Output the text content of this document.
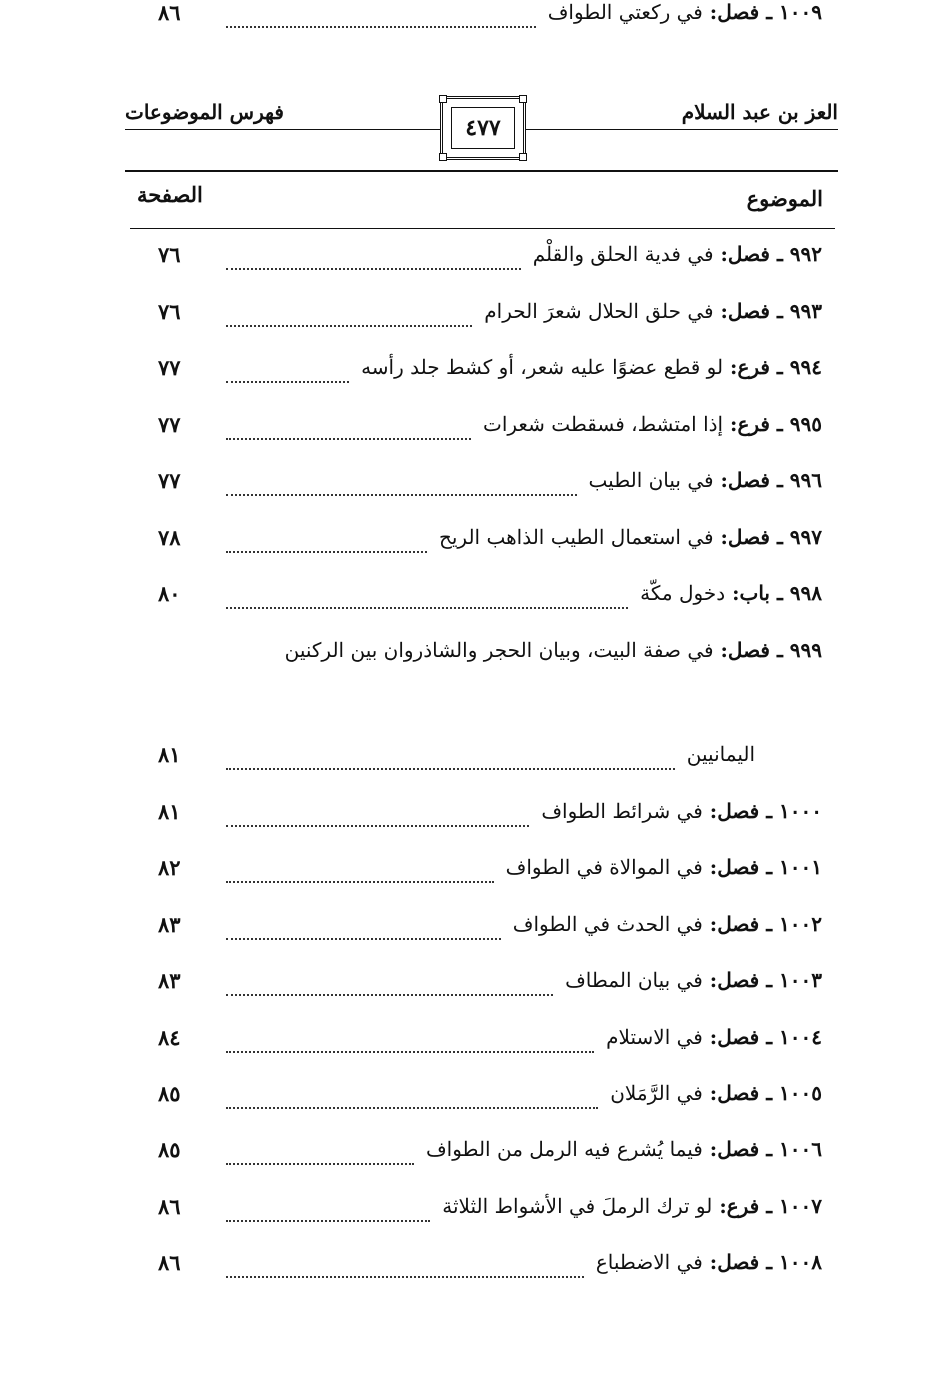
العز بن عبد السلام
فهرس الموضوعات
٤٧٧
الموضوع
الصفحة
٩٩٢ ـ فصل: في فدية الحلق والقلْم
٧٦
٩٩٣ ـ فصل: في حلق الحلال شعرَ الحرام
٧٦
٩٩٤ ـ فرع: لو قطع عضوًا عليه شعر، أو كشط جلد رأسه
٧٧
٩٩٥ ـ فرع: إذا امتشط، فسقطت شعرات
٧٧
٩٩٦ ـ فصل: في بيان الطيب
٧٧
٩٩٧ ـ فصل: في استعمال الطيب الذاهب الريح
٧٨
٩٩٨ ـ باب: دخول مكّة
٨٠
٩٩٩ ـ فصل: في صفة البيت، وبيان الحجر والشاذروان بين الركنين
اليمانيين
٨١
١٠٠٠ ـ فصل: في شرائط الطواف
٨١
١٠٠١ ـ فصل: في الموالاة في الطواف
٨٢
١٠٠٢ ـ فصل: في الحدث في الطواف
٨٣
١٠٠٣ ـ فصل: في بيان المطاف
٨٣
١٠٠٤ ـ فصل: في الاستلام
٨٤
١٠٠٥ ـ فصل: في الرَّمَلان
٨٥
١٠٠٦ ـ فصل: فيما يُشرع فيه الرمل من الطواف
٨٥
١٠٠٧ ـ فرع: لو ترك الرملَ في الأشواط الثلاثة
٨٦
١٠٠٨ ـ فصل: في الاضطباع
٨٦
١٠٠٩ ـ فصل: في ركعتي الطواف
٨٦
